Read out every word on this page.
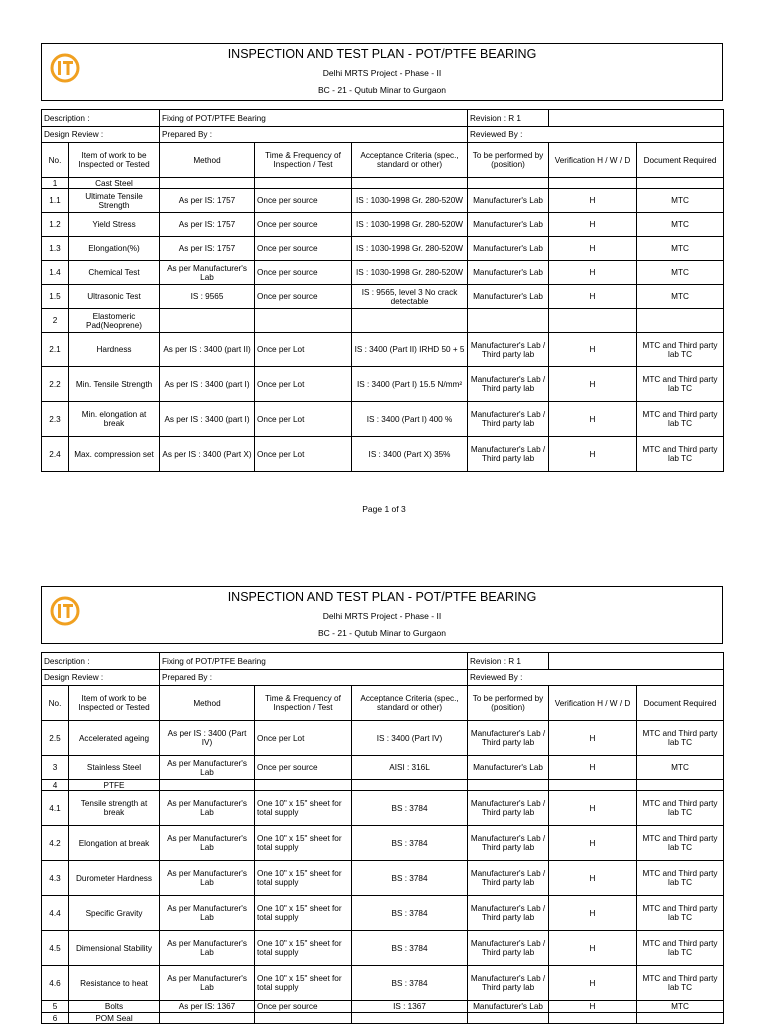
INSPECTION AND TEST PLAN - POT/PTFE BEARING
Delhi MRTS Project - Phase - II
BC - 21 - Qutub Minar to Gurgaon
Description :		Fixing of POT/PTFE Bearing			Revision : R 1		
Design Review :		Prepared By :			Reviewed By :		
No.	Item of work to be Inspected or Tested	Method	Time & Frequency of Inspection / Test	Acceptance Criteria (spec., standard or other)	To be performed by (position)	Verification H / W / D	Document Required
1	Cast Steel						
1.1	Ultimate Tensile Strength	As per IS: 1757	Once per source	IS : 1030-1998 Gr. 280-520W	Manufacturer's Lab	H	MTC
1.2	Yield Stress	As per IS: 1757	Once per source	IS : 1030-1998 Gr. 280-520W	Manufacturer's Lab	H	MTC
1.3	Elongation(%)	As per IS: 1757	Once per source	IS : 1030-1998 Gr. 280-520W	Manufacturer's Lab	H	MTC
1.4	Chemical Test	As per Manufacturer's Lab	Once per source	IS : 1030-1998 Gr. 280-520W	Manufacturer's Lab	H	MTC
1.5	Ultrasonic Test	IS : 9565	Once per source	IS : 9565, level 3 No crack detectable	Manufacturer's Lab	H	MTC
2	Elastomeric Pad(Neoprene)						
2.1	Hardness	As per IS : 3400 (part II)	Once per Lot	IS : 3400 (Part II) IRHD 50 + 5	Manufacturer's Lab / Third party lab	H	MTC and Third party lab TC
2.2	Min. Tensile Strength	As per IS : 3400 (part I)	Once per Lot	IS : 3400 (Part I) 15.5 N/mm²	Manufacturer's Lab / Third party lab	H	MTC and Third party lab TC
2.3	Min. elongation at break	As per IS : 3400 (part I)	Once per Lot	IS : 3400 (Part I) 400 %	Manufacturer's Lab / Third party lab	H	MTC and Third party lab TC
2.4	Max. compression set	As per IS : 3400 (Part X)	Once per Lot	IS : 3400 (Part X) 35%	Manufacturer's Lab / Third party lab	H	MTC and Third party lab TC
Page 1 of 3
INSPECTION AND TEST PLAN - POT/PTFE BEARING
Delhi MRTS Project - Phase - II
BC - 21 - Qutub Minar to Gurgaon
Description :		Fixing of POT/PTFE Bearing			Revision : R 1		
Design Review :		Prepared By :			Reviewed By :		
No.	Item of work to be Inspected or Tested	Method	Time & Frequency of Inspection / Test	Acceptance Criteria (spec., standard or other)	To be performed by (position)	Verification H / W / D	Document Required
2.5	Accelerated ageing	As per IS : 3400 (Part IV)	Once per Lot	IS : 3400 (Part IV)	Manufacturer's Lab / Third party lab	H	MTC and Third party lab TC
3	Stainless Steel	As per Manufacturer's Lab	Once per source	AISI : 316L	Manufacturer's Lab	H	MTC
4	PTFE						
4.1	Tensile strength at break	As per Manufacturer's Lab	One 10" x 15" sheet for total supply	BS : 3784	Manufacturer's Lab / Third party lab	H	MTC and Third party lab TC
4.2	Elongation at break	As per Manufacturer's Lab	One 10" x 15" sheet for total supply	BS : 3784	Manufacturer's Lab / Third party lab	H	MTC and Third party lab TC
4.3	Durometer Hardness	As per Manufacturer's Lab	One 10" x 15" sheet for total supply	BS : 3784	Manufacturer's Lab / Third party lab	H	MTC and Third party lab TC
4.4	Specific Gravity	As per Manufacturer's Lab	One 10" x 15" sheet for total supply	BS : 3784	Manufacturer's Lab / Third party lab	H	MTC and Third party lab TC
4.5	Dimensional Stability	As per Manufacturer's Lab	One 10" x 15" sheet for total supply	BS : 3784	Manufacturer's Lab / Third party lab	H	MTC and Third party lab TC
4.6	Resistance to heat	As per Manufacturer's Lab	One 10" x 15" sheet for total supply	BS : 3784	Manufacturer's Lab / Third party lab	H	MTC and Third party lab TC
5	Bolts	As per IS: 1367	Once per source	IS : 1367	Manufacturer's Lab	H	MTC
6	POM Seal						
